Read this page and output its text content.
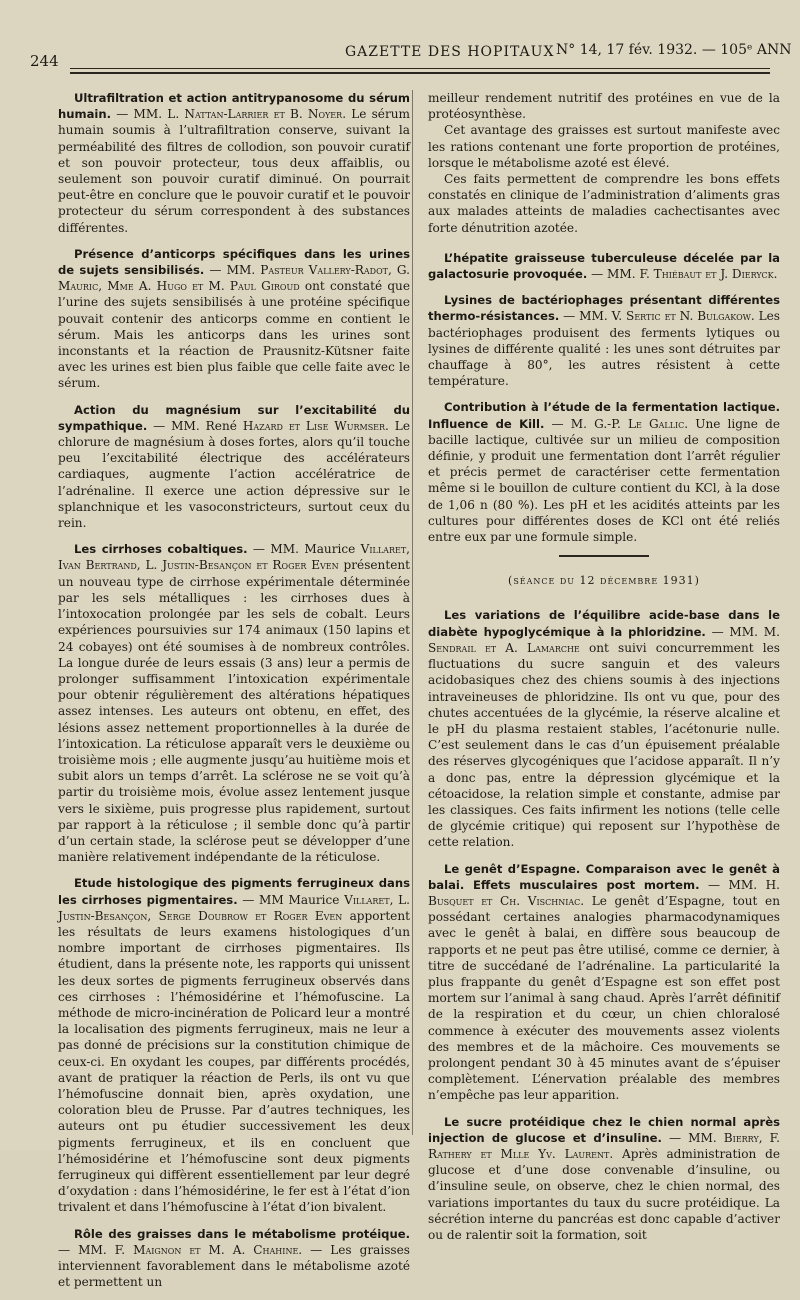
244	GAZETTE DES HOPITAUX N° 14, 17 fév. 1932. — 105ᵉ ANN

Ultrafiltration et action antitrypanosome du sérum humain. — MM. L. Nattan-Larrier et B. Noyer. Le sérum humain soumis à l’ultrafiltration conserve, suivant la perméabilité des filtres de collodion, son pouvoir curatif et son pouvoir protecteur, tous deux affaiblis, ou seulement son pouvoir curatif diminué. On pourrait peut-être en conclure que le pouvoir curatif et le pouvoir protecteur du sérum correspondent à des substances différentes.

Présence d’anticorps spécifiques dans les urines de sujets sensibilisés. — MM. Pasteur Vallery-Radot, G. Mauric, Mme A. Hugo et M. Paul Giroud ont constaté que l’urine des sujets sensibilisés à une protéine spécifique pouvait contenir des anticorps comme en contient le sérum. Mais les anticorps dans les urines sont inconstants et la réaction de Prausnitz-Kütsner faite avec les urines est bien plus faible que celle faite avec le sérum.

Action du magnésium sur l’excitabilité du sympathique. — MM. René Hazard et Lise Wurmser. Le chlorure de magnésium à doses fortes, alors qu’il touche peu l’excitabilité électrique des accélérateurs cardiaques, augmente l’action accélératrice de l’adrénaline. Il exerce une action dépressive sur le splanchnique et les vasoconstricteurs, surtout ceux du rein.

Les cirrhoses cobaltiques. — MM. Maurice Villaret, Ivan Bertrand, L. Justin-Besançon et Roger Even présentent un nouveau type de cirrhose expérimentale déterminée par les sels métalliques : les cirrhoses dues à l’intoxocation prolongée par les sels de cobalt. Leurs expériences poursuivies sur 174 animaux (150 lapins et 24 cobayes) ont été soumises à de nombreux contrôles. La longue durée de leurs essais (3 ans) leur a permis de prolonger suffisamment l’intoxication expérimentale pour obtenir régulièrement des altérations hépatiques assez intenses. Les auteurs ont obtenu, en effet, des lésions assez nettement proportionnelles à la durée de l’intoxication. La réticulose apparaît vers le deuxième ou troisième mois ; elle augmente jusqu’au huitième mois et subit alors un temps d’arrêt. La sclérose ne se voit qu’à partir du troisième mois, évolue assez lentement jusque vers le sixième, puis progresse plus rapidement, surtout par rapport à la réticulose ; il semble donc qu’à partir d’un certain stade, la sclérose peut se développer d’une manière relativement indépendante de la réticulose.

Etude histologique des pigments ferrugineux dans les cirrhoses pigmentaires. — MM Maurice Villaret, L. Justin-Besançon, Serge Doubrow et Roger Even apportent les résultats de leurs examens histologiques d’un nombre important de cirrhoses pigmentaires. Ils étudient, dans la présente note, les rapports qui unissent les deux sortes de pigments ferrugineux observés dans ces cirrhoses : l’hémosidérine et l’hémofuscine. La méthode de micro-incinération de Policard leur a montré la localisation des pigments ferrugineux, mais ne leur a pas donné de précisions sur la constitution chimique de ceux-ci. En oxydant les coupes, par différents procédés, avant de pratiquer la réaction de Perls, ils ont vu que l’hémofuscine donnait bien, après oxydation, une coloration bleu de Prusse. Par d’autres techniques, les auteurs ont pu étudier successivement les deux pigments ferrugineux, et ils en concluent que l’hémosidérine et l’hémofuscine sont deux pigments ferrugineux qui diffèrent essentiellement par leur degré d’oxydation : dans l’hémosidérine, le fer est à l’état d’ion trivalent et dans l’hémofuscine à l’état d’ion bivalent.

Rôle des graisses dans le métabolisme protéique. — MM. F. Maignon et M. A. Chahine. — Les graisses interviennent favorablement dans le métabolisme azoté et permettent un

meilleur rendement nutritif des protéines en vue de la protéosynthèse.

Cet avantage des graisses est surtout manifeste avec les rations contenant une forte proportion de protéines, lorsque le métabolisme azoté est élevé.

Ces faits permettent de comprendre les bons effets constatés en clinique de l’administration d’aliments gras aux malades atteints de maladies cachectisantes avec forte dénutrition azotée.

L’hépatite graisseuse tuberculeuse décelée par la galactosurie provoquée. — MM. F. Thiébaut et J. Dieryck.

Lysines de bactériophages présentant différentes thermo-résistances. — MM. V. Sertic et N. Bulgakow. Les bactériophages produisent des ferments lytiques ou lysines de différente qualité : les unes sont détruites par chauffage à 80°, les autres résistent à cette température.

Contribution à l’étude de la fermentation lactique. Influence de Kill. — M. G.-P. Le Gallic. Une ligne de bacille lactique, cultivée sur un milieu de composition définie, y produit une fermentation dont l’arrêt régulier et précis permet de caractériser cette fermentation même si le bouillon de culture contient du KCl, à la dose de 1,06 n (80 %). Les pH et les acidités atteints par les cultures pour différentes doses de KCl ont été reliés entre eux par une formule simple.

(séance du 12 décembre 1931)

Les variations de l’équilibre acide-base dans le diabète hypoglycémique à la phloridzine. — MM. M. Sendrail et A. Lamarche ont suivi concurremment les fluctuations du sucre sanguin et des valeurs acidobasiques chez des chiens soumis à des injections intraveineuses de phloridzine. Ils ont vu que, pour des chutes accentuées de la glycémie, la réserve alcaline et le pH du plasma restaient stables, l’acétonurie nulle. C’est seulement dans le cas d’un épuisement préalable des réserves glycogéniques que l’acidose apparaît. Il n’y a donc pas, entre la dépression glycémique et la cétoacidose, la relation simple et constante, admise par les classiques. Ces faits infirment les notions (telle celle de glycémie critique) qui reposent sur l’hypothèse de cette relation.

Le genêt d’Espagne. Comparaison avec le genêt à balai. Effets musculaires post mortem. — MM. H. Busquet et Ch. Vischniac. Le genêt d’Espagne, tout en possédant certaines analogies pharmacodynamiques avec le genêt à balai, en diffère sous beaucoup de rapports et ne peut pas être utilisé, comme ce dernier, à titre de succédané de l’adrénaline. La particularité la plus frappante du genêt d’Espagne est son effet post mortem sur l’animal à sang chaud. Après l’arrêt définitif de la respiration et du cœur, un chien chloralosé commence à exécuter des mouvements assez violents des membres et de la mâchoire. Ces mouvements se prolongent pendant 30 à 45 minutes avant de s’épuiser complètement. L’énervation préalable des membres n’empêche pas leur apparition.

Le sucre protéidique chez le chien normal après injection de glucose et d’insuline. — MM. Bierry, F. Rathery et Mlle Yv. Laurent. Après administration de glucose et d’une dose convenable d’insuline, ou d’insuline seule, on observe, chez le chien normal, des variations importantes du taux du sucre protéidique. La sécrétion interne du pancréas est donc capable d’activer ou de ralentir soit la formation, soit
